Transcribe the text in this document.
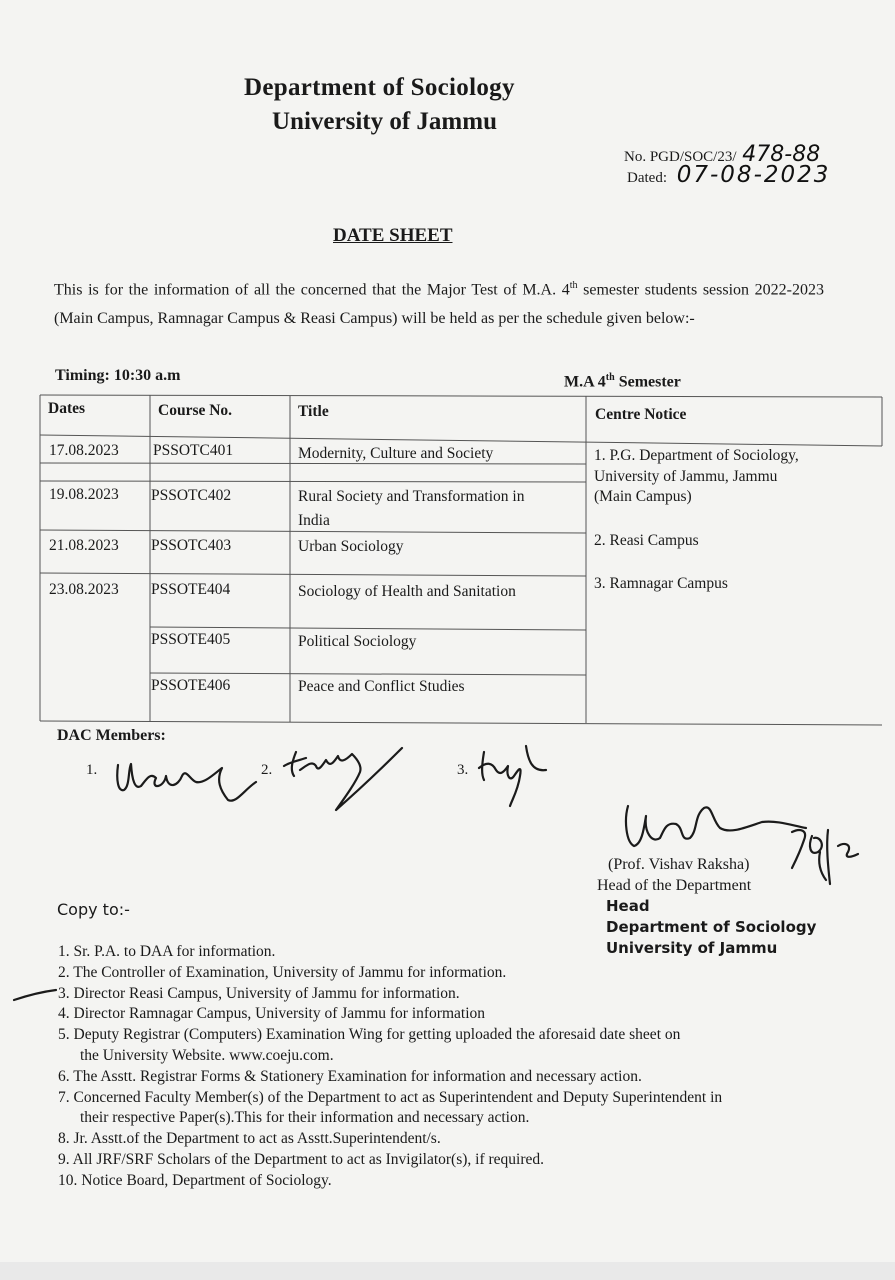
Department of Sociology
University of Jammu
No. PGD/SOC/23/ 478-88
Dated: 07-08-2023
DATE SHEET
This is for the information of all the concerned that the Major Test of M.A. 4th semester students session 2022-2023 (Main Campus, Ramnagar Campus & Reasi Campus) will be held as per the schedule given below:-
Timing: 10:30 a.m	M.A 4th Semester
Dates	Course No.	Title	Centre Notice
17.08.2023 PSSOTC401	Modernity, Culture and Society
19.08.2023 PSSOTC402	Rural Society and Transformation in
India
21.08.2023 PSSOTC403	Urban Sociology
23.08.2023 PSSOTE404	Sociology of Health and Sanitation
PSSOTE405	Political Sociology
PSSOTE406	Peace and Conflict Studies
1. P.G. Department of Sociology,
University of Jammu, Jammu
(Main Campus)
2. Reasi Campus
3. Ramnagar Campus
DAC Members:
1.	2.	3.
(Prof. Vishav Raksha)
Head of the Department
Head
Department of Sociology
University of Jammu
Copy to:-
1. Sr. P.A. to DAA for information.
2. The Controller of Examination, University of Jammu for information.
3. Director Reasi Campus, University of Jammu for information.
4. Director Ramnagar Campus, University of Jammu for information
5. Deputy Registrar (Computers) Examination Wing for getting uploaded the aforesaid date sheet on
the University Website. www.coeju.com.
6. The Asstt. Registrar Forms & Stationery Examination for information and necessary action.
7. Concerned Faculty Member(s) of the Department to act as Superintendent and Deputy Superintendent in
their respective Paper(s).This for their information and necessary action.
8. Jr. Asstt.of the Department to act as Asstt.Superintendent/s.
9. All JRF/SRF Scholars of the Department to act as Invigilator(s), if required.
10. Notice Board, Department of Sociology.
